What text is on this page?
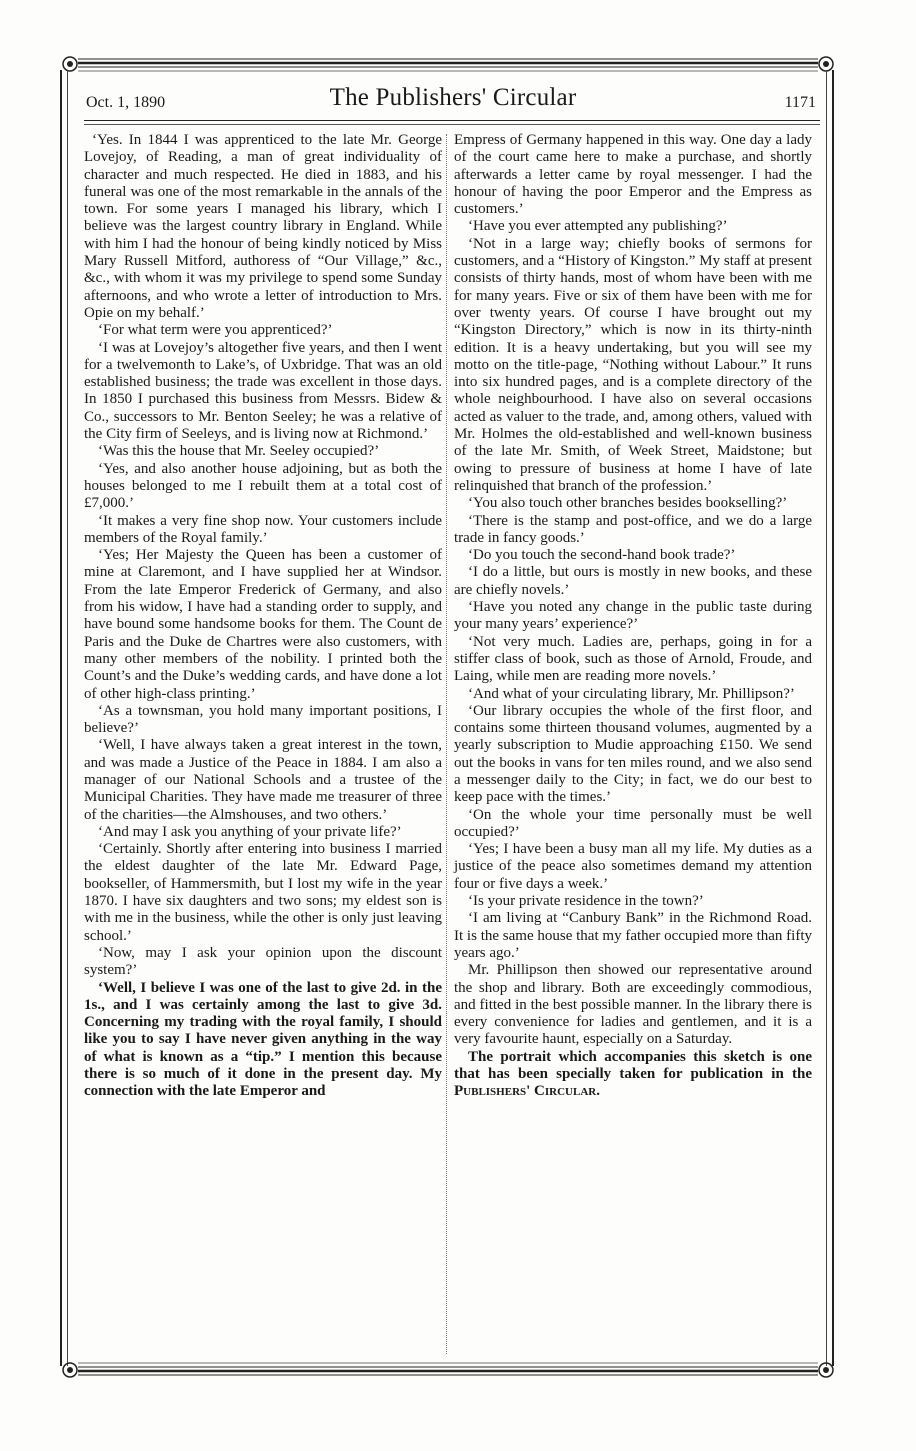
Oct. 1, 1890	The Publishers' Circular	1171

‘Yes. In 1844 I was apprenticed to the late Mr. George Lovejoy, of Reading, a man of great individuality of character and much respected. He died in 1883, and his funeral was one of the most remarkable in the annals of the town. For some years I managed his library, which I believe was the largest country library in England. While with him I had the honour of being kindly noticed by Miss Mary Russell Mitford, authoress of “Our Village,” &c., &c., with whom it was my privilege to spend some Sunday afternoons, and who wrote a letter of introduction to Mrs. Opie on my behalf.’

‘For what term were you apprenticed?’

‘I was at Lovejoy’s altogether five years, and then I went for a twelvemonth to Lake’s, of Uxbridge. That was an old established business; the trade was excellent in those days. In 1850 I purchased this business from Messrs. Bidew & Co., successors to Mr. Benton Seeley; he was a relative of the City firm of Seeleys, and is living now at Richmond.’

‘Was this the house that Mr. Seeley occupied?’

‘Yes, and also another house adjoining, but as both the houses belonged to me I rebuilt them at a total cost of £7,000.’

‘It makes a very fine shop now. Your customers include members of the Royal family.’

‘Yes; Her Majesty the Queen has been a customer of mine at Claremont, and I have supplied her at Windsor. From the late Emperor Frederick of Germany, and also from his widow, I have had a standing order to supply, and have bound some handsome books for them. The Count de Paris and the Duke de Chartres were also customers, with many other members of the nobility. I printed both the Count’s and the Duke’s wedding cards, and have done a lot of other high-class printing.’

‘As a townsman, you hold many important positions, I believe?’

‘Well, I have always taken a great interest in the town, and was made a Justice of the Peace in 1884. I am also a manager of our National Schools and a trustee of the Municipal Charities. They have made me treasurer of three of the charities—the Almshouses, and two others.’

‘And may I ask you anything of your private life?’

‘Certainly. Shortly after entering into business I married the eldest daughter of the late Mr. Edward Page, bookseller, of Hammersmith, but I lost my wife in the year 1870. I have six daughters and two sons; my eldest son is with me in the business, while the other is only just leaving school.’

‘Now, may I ask your opinion upon the discount system?’

‘Well, I believe I was one of the last to give 2d. in the 1s., and I was certainly among the last to give 3d. Concerning my trading with the royal family, I should like you to say I have never given anything in the way of what is known as a “tip.” I mention this because there is so much of it done in the present day. My connection with the late Emperor and

Empress of Germany happened in this way. One day a lady of the court came here to make a purchase, and shortly afterwards a letter came by royal messenger. I had the honour of having the poor Emperor and the Empress as customers.’

‘Have you ever attempted any publishing?’

‘Not in a large way; chiefly books of sermons for customers, and a “History of Kingston.” My staff at present consists of thirty hands, most of whom have been with me for many years. Five or six of them have been with me for over twenty years. Of course I have brought out my “Kingston Directory,” which is now in its thirty-ninth edition. It is a heavy undertaking, but you will see my motto on the title-page, “Nothing without Labour.” It runs into six hundred pages, and is a complete directory of the whole neighbourhood. I have also on several occasions acted as valuer to the trade, and, among others, valued with Mr. Holmes the old-established and well-known business of the late Mr. Smith, of Week Street, Maidstone; but owing to pressure of business at home I have of late relinquished that branch of the profession.’

‘You also touch other branches besides bookselling?’

‘There is the stamp and post-office, and we do a large trade in fancy goods.’

‘Do you touch the second-hand book trade?’

‘I do a little, but ours is mostly in new books, and these are chiefly novels.’

‘Have you noted any change in the public taste during your many years’ experience?’

‘Not very much. Ladies are, perhaps, going in for a stiffer class of book, such as those of Arnold, Froude, and Laing, while men are reading more novels.’

‘And what of your circulating library, Mr. Phillipson?’

‘Our library occupies the whole of the first floor, and contains some thirteen thousand volumes, augmented by a yearly subscription to Mudie approaching £150. We send out the books in vans for ten miles round, and we also send a messenger daily to the City; in fact, we do our best to keep pace with the times.’

‘On the whole your time personally must be well occupied?’

‘Yes; I have been a busy man all my life. My duties as a justice of the peace also sometimes demand my attention four or five days a week.’

‘Is your private residence in the town?’

‘I am living at “Canbury Bank” in the Richmond Road. It is the same house that my father occupied more than fifty years ago.’

Mr. Phillipson then showed our representative around the shop and library. Both are exceedingly commodious, and fitted in the best possible manner. In the library there is every convenience for ladies and gentlemen, and it is a very favourite haunt, especially on a Saturday.

The portrait which accompanies this sketch is one that has been specially taken for publication in the Publishers' Circular.
